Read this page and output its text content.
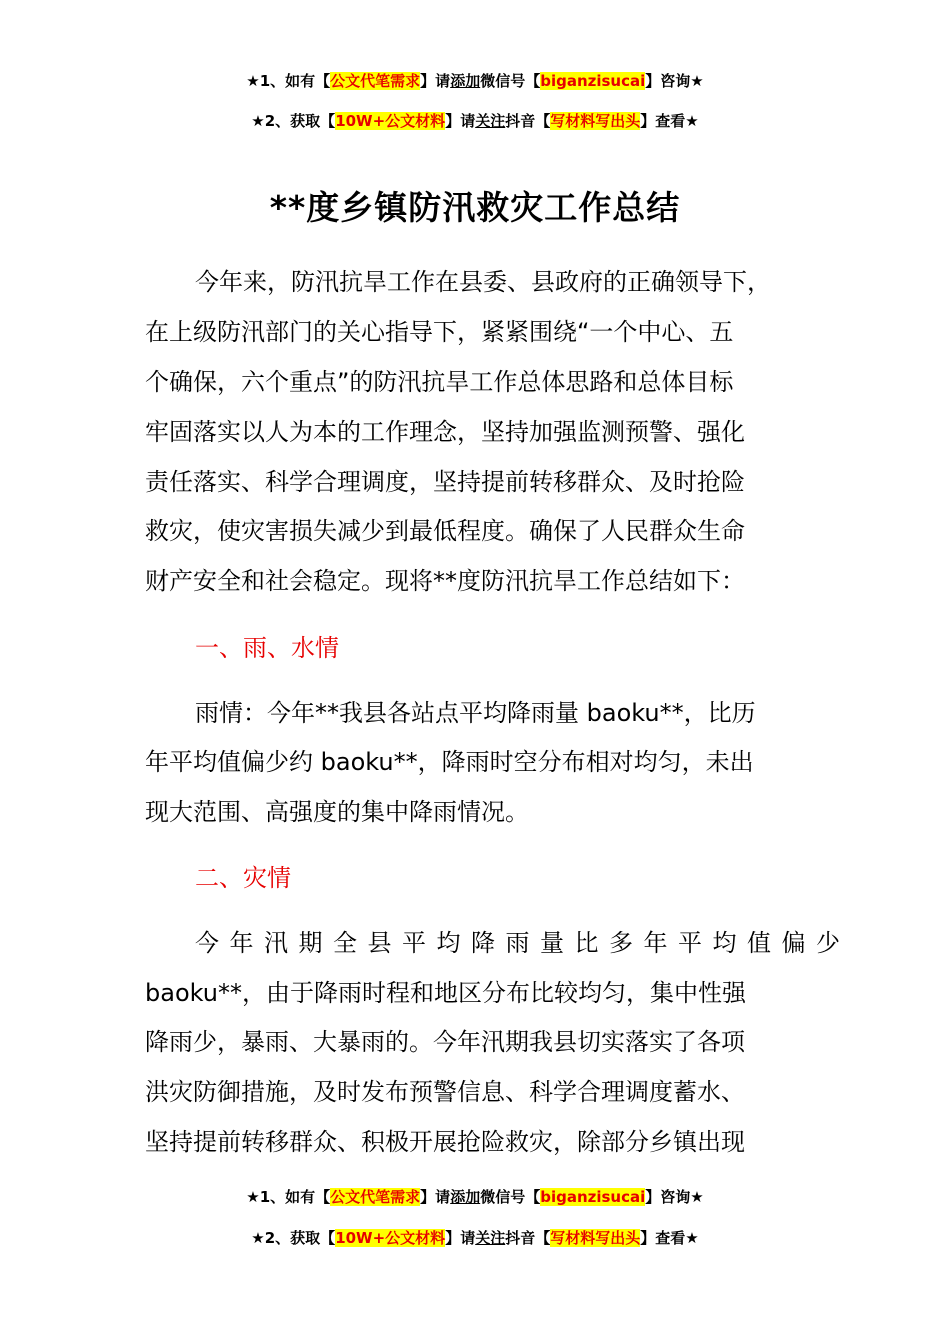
★1、如有【公文代笔需求】请添加微信号【biganzisucai】咨询★
★2、获取【10W+公文材料】请关注抖音【写材料写出头】查看★
**度乡镇防汛救灾工作总结
今年来，防汛抗旱工作在县委、县政府的正确领导下，
在上级防汛部门的关心指导下，紧紧围绕“一个中心、五
个确保，六个重点”的防汛抗旱工作总体思路和总体目标
牢固落实以人为本的工作理念，坚持加强监测预警、强化
责任落实、科学合理调度，坚持提前转移群众、及时抢险
救灾，使灾害损失减少到最低程度。确保了人民群众生命
财产安全和社会稳定。现将**度防汛抗旱工作总结如下：
一、雨、水情
雨情：今年**我县各站点平均降雨量 baoku**，比历
年平均值偏少约 baoku**，降雨时空分布相对均匀，未出
现大范围、高强度的集中降雨情况。
二、灾情
今年汛期全县平均降雨量比多年平均值偏少
baoku**，由于降雨时程和地区分布比较均匀，集中性强
降雨少，暴雨、大暴雨的。今年汛期我县切实落实了各项
洪灾防御措施，及时发布预警信息、科学合理调度蓄水、
坚持提前转移群众、积极开展抢险救灾，除部分乡镇出现
★1、如有【公文代笔需求】请添加微信号【biganzisucai】咨询★
★2、获取【10W+公文材料】请关注抖音【写材料写出头】查看★
